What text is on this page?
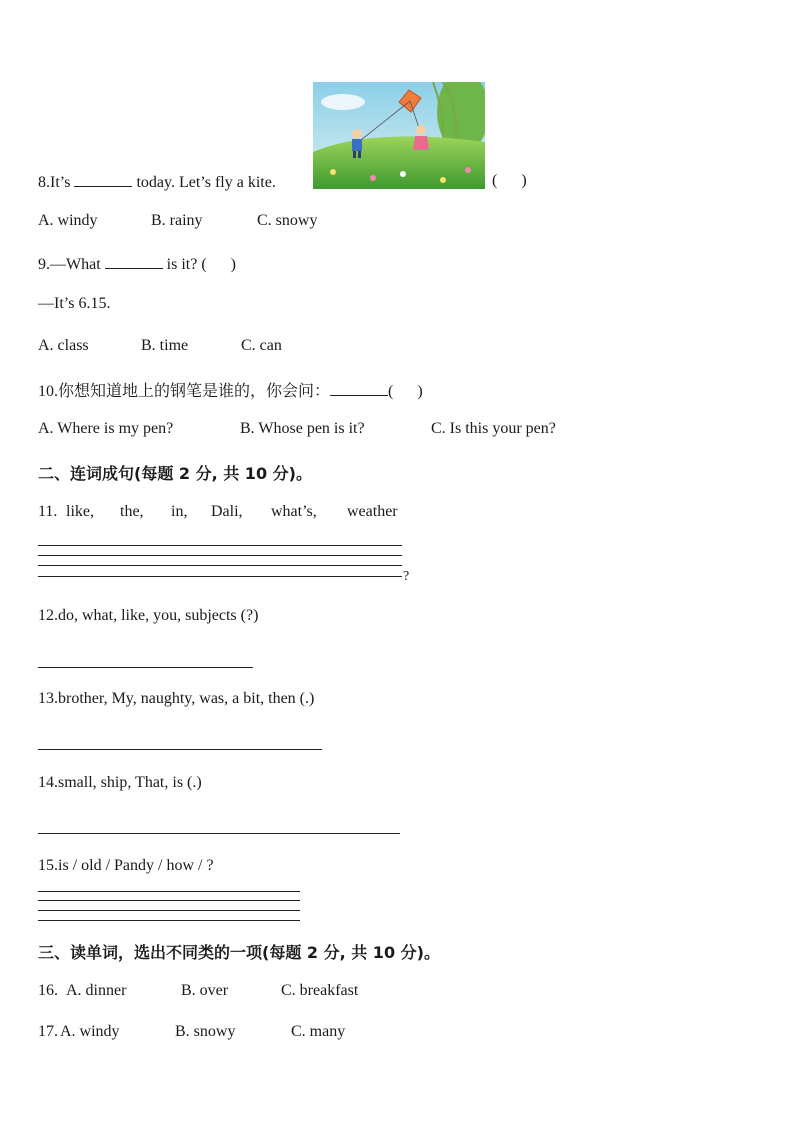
8.It’s	today. Let’s fly a kite.	(      )
A. windy	B. rainy	C. snowy
9.—What	is it? (      )
—It’s 6.15.
A. class	B. time	C. can
10.你想知道地上的钢笔是谁的，你会问：	(      )
A. Where is my pen?	B. Whose pen is it?	C. Is this your pen?
二、连词成句(每题 2 分, 共 10 分)。
11. like, the, in, Dali, what’s, weather
?
12.do, what, like, you, subjects (?)
13.brother, My, naughty, was, a bit, then (.)
14.small, ship, That, is (.)
15.is / old / Pandy / how / ?
三、读单词，选出不同类的一项(每题 2 分, 共 10 分)。
16. A. dinner	B. over	C. breakfast
17. A. windy	B. snowy	C. many
